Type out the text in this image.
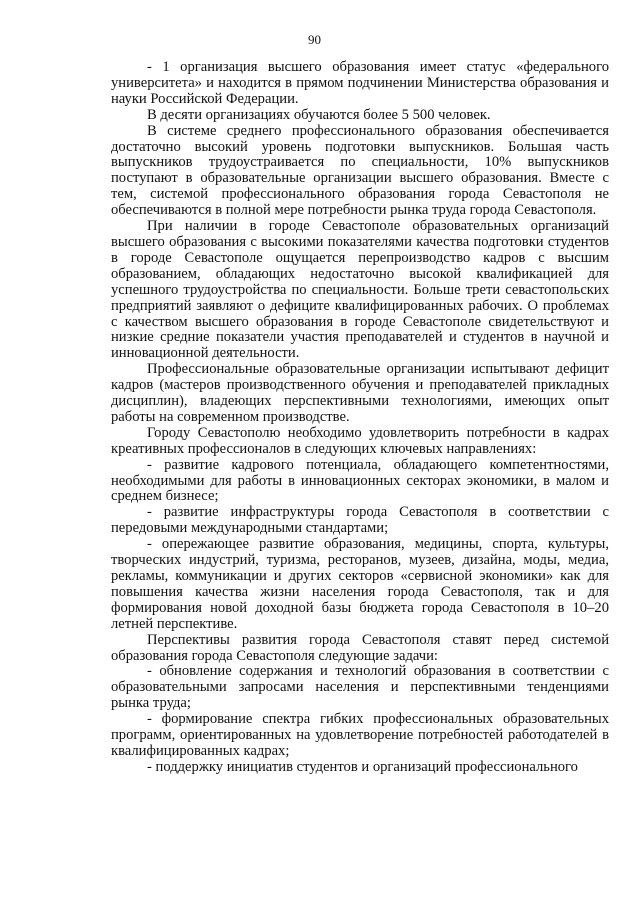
90

- 1 организация высшего образования имеет статус «федерального университета» и находится в прямом подчинении Министерства образования и науки Российской Федерации.

В десяти организациях обучаются более 5 500 человек.

В системе среднего профессионального образования обеспечивается достаточно высокий уровень подготовки выпускников. Большая часть выпускников трудоустраивается по специальности, 10% выпускников поступают в образовательные организации высшего образования. Вместе с тем, системой профессионального образования города Севастополя не обеспечиваются в полной мере потребности рынка труда города Севастополя.

При наличии в городе Севастополе образовательных организаций высшего образования с высокими показателями качества подготовки студентов в городе Севастополе ощущается перепроизводство кадров с высшим образованием, обладающих недостаточно высокой квалификацией для успешного трудоустройства по специальности. Больше трети севастопольских предприятий заявляют о дефиците квалифицированных рабочих. О проблемах с качеством высшего образования в городе Севастополе свидетельствуют и низкие средние показатели участия преподавателей и студентов в научной и инновационной деятельности.

Профессиональные образовательные организации испытывают дефицит кадров (мастеров производственного обучения и преподавателей прикладных дисциплин), владеющих перспективными технологиями, имеющих опыт работы на современном производстве.

Городу Севастополю необходимо удовлетворить потребности в кадрах креативных профессионалов в следующих ключевых направлениях:

- развитие кадрового потенциала, обладающего компетентностями, необходимыми для работы в инновационных секторах экономики, в малом и среднем бизнесе;

- развитие инфраструктуры города Севастополя в соответствии с передовыми международными стандартами;

- опережающее развитие образования, медицины, спорта, культуры, творческих индустрий, туризма, ресторанов, музеев, дизайна, моды, медиа, рекламы, коммуникации и других секторов «сервисной экономики» как для повышения качества жизни населения города Севастополя, так и для формирования новой доходной базы бюджета города Севастополя в 10–20 летней перспективе.

Перспективы развития города Севастополя ставят перед системой образования города Севастополя следующие задачи:

- обновление содержания и технологий образования в соответствии с образовательными запросами населения и перспективными тенденциями рынка труда;

- формирование спектра гибких профессиональных образовательных программ, ориентированных на удовлетворение потребностей работодателей в квалифицированных кадрах;

- поддержку инициатив студентов и организаций профессионального
